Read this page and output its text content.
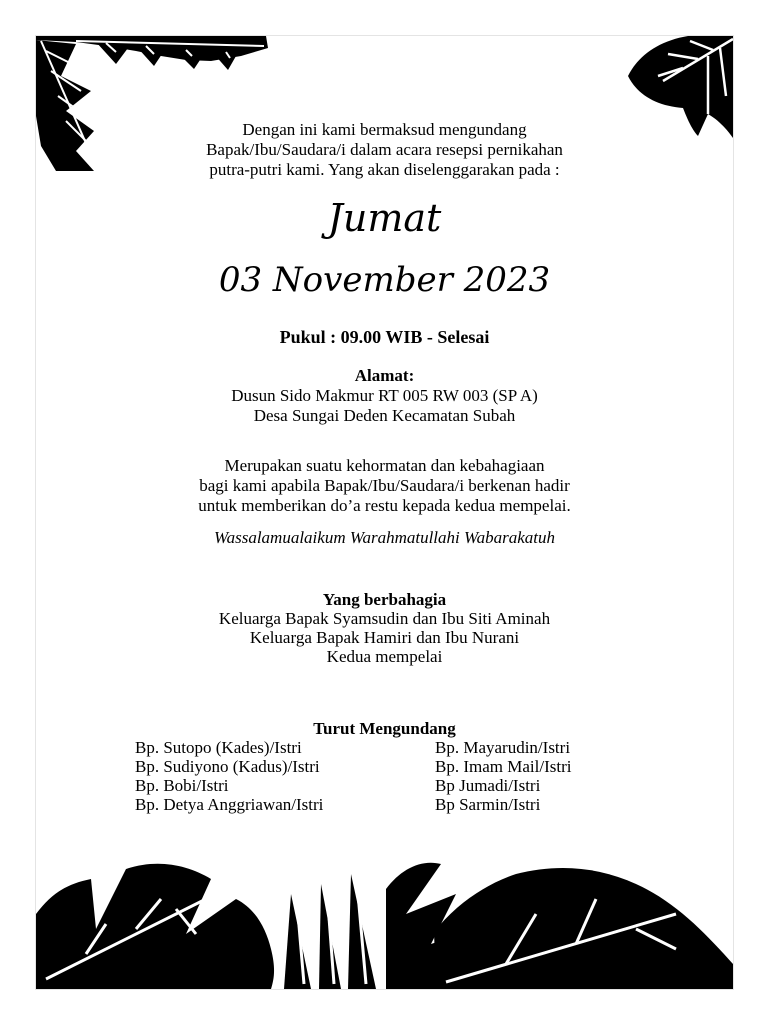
Dengan ini kami bermaksud mengundang
Bapak/Ibu/Saudara/i dalam acara resepsi pernikahan
putra-putri kami. Yang akan diselenggarakan pada :
Jumat
03 November 2023
Pukul : 09.00 WIB - Selesai
Alamat:
Dusun Sido Makmur RT 005 RW 003 (SP A)
Desa Sungai Deden Kecamatan Subah
Merupakan suatu kehormatan dan kebahagiaan
bagi kami apabila Bapak/Ibu/Saudara/i berkenan hadir
untuk memberikan do’a restu kepada kedua mempelai.
Wassalamualaikum Warahmatullahi Wabarakatuh
Yang berbahagia
Keluarga Bapak Syamsudin dan Ibu Siti Aminah
Keluarga Bapak Hamiri dan Ibu Nurani
Kedua mempelai
Turut Mengundang
Bp. Sutopo (Kades)/Istri
Bp. Sudiyono (Kadus)/Istri
Bp. Bobi/Istri
Bp. Detya Anggriawan/Istri
Bp. Mayarudin/Istri
Bp. Imam Mail/Istri
Bp Jumadi/Istri
Bp Sarmin/Istri
